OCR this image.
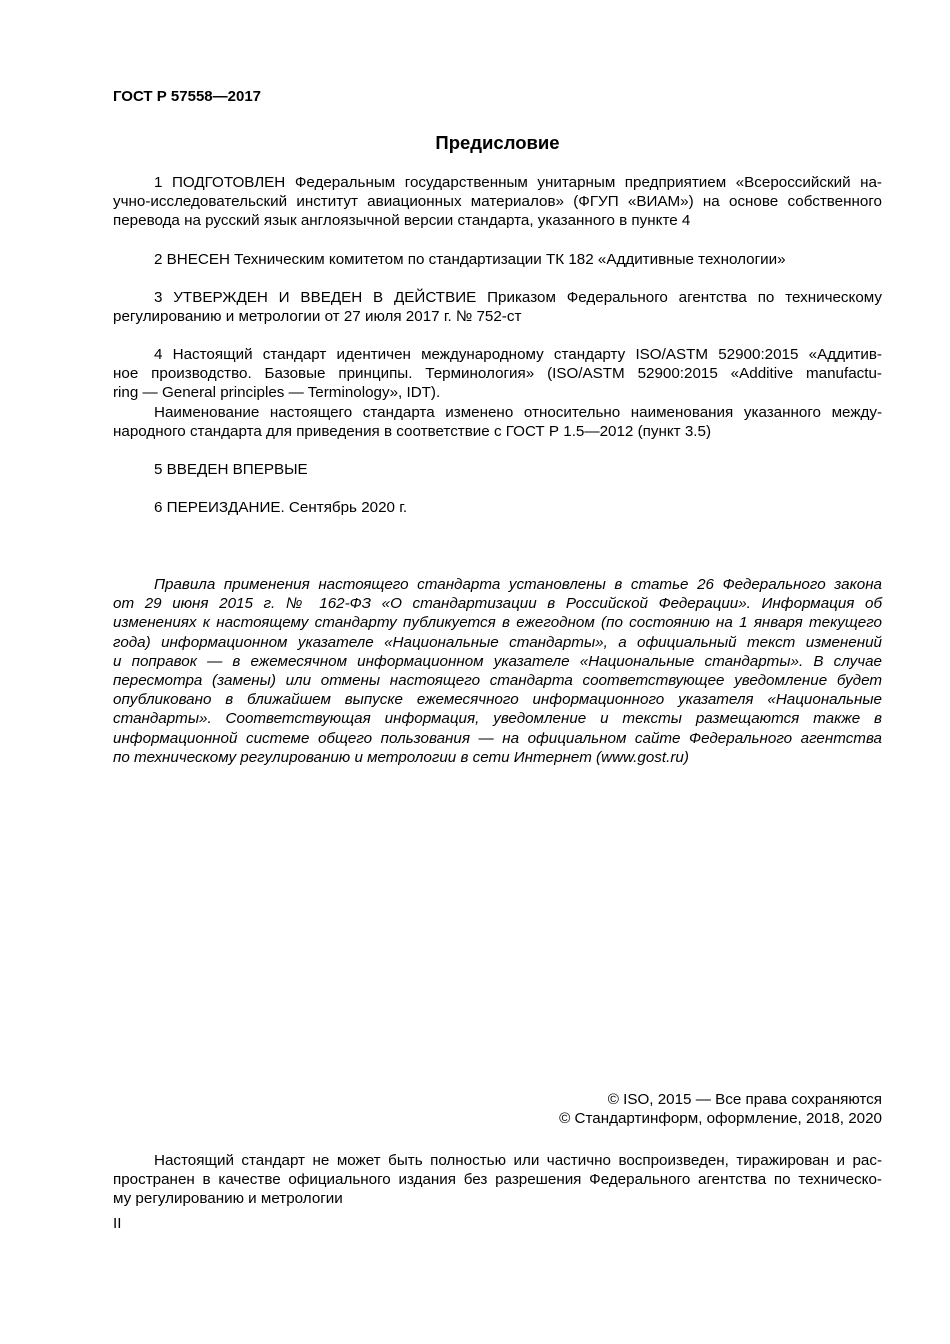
ГОСТ Р 57558—2017
Предисловие
1 ПОДГОТОВЛЕН Федеральным государственным унитарным предприятием «Всероссийский на-
учно-исследовательский институт авиационных материалов» (ФГУП «ВИАМ») на основе собственного
перевода на русский язык англоязычной версии стандарта, указанного в пункте 4
2 ВНЕСЕН Техническим комитетом по стандартизации ТК 182 «Аддитивные технологии»
3 УТВЕРЖДЕН И ВВЕДЕН В ДЕЙСТВИЕ Приказом Федерального агентства по техническому
регулированию и метрологии от 27 июля 2017 г. № 752-ст
4 Настоящий стандарт идентичен международному стандарту ISO/ASTM 52900:2015 «Аддитив-
ное производство. Базовые принципы. Терминология» (ISO/ASTM 52900:2015 «Additive manufactu-
ring — General principles — Terminology», IDT).
Наименование настоящего стандарта изменено относительно наименования указанного между-
народного стандарта для приведения в соответствие с ГОСТ Р 1.5—2012 (пункт 3.5)
5 ВВЕДЕН ВПЕРВЫЕ
6 ПЕРЕИЗДАНИЕ. Сентябрь 2020 г.
Правила применения настоящего стандарта установлены в статье 26 Федерального закона
от 29 июня 2015 г. № 162-ФЗ «О стандартизации в Российской Федерации». Информация об
изменениях к настоящему стандарту публикуется в ежегодном (по состоянию на 1 января текущего
года) информационном указателе «Национальные стандарты», а официальный текст изменений
и поправок — в ежемесячном информационном указателе «Национальные стандарты». В случае
пересмотра (замены) или отмены настоящего стандарта соответствующее уведомление будет
опубликовано в ближайшем выпуске ежемесячного информационного указателя «Национальные
стандарты». Соответствующая информация, уведомление и тексты размещаются также в
информационной системе общего пользования — на официальном сайте Федерального агентства
по техническому регулированию и метрологии в сети Интернет (www.gost.ru)
© ISO, 2015 — Все права сохраняются
© Стандартинформ, оформление, 2018, 2020
Настоящий стандарт не может быть полностью или частично воспроизведен, тиражирован и рас-
пространен в качестве официального издания без разрешения Федерального агентства по техническо-
му регулированию и метрологии
II
